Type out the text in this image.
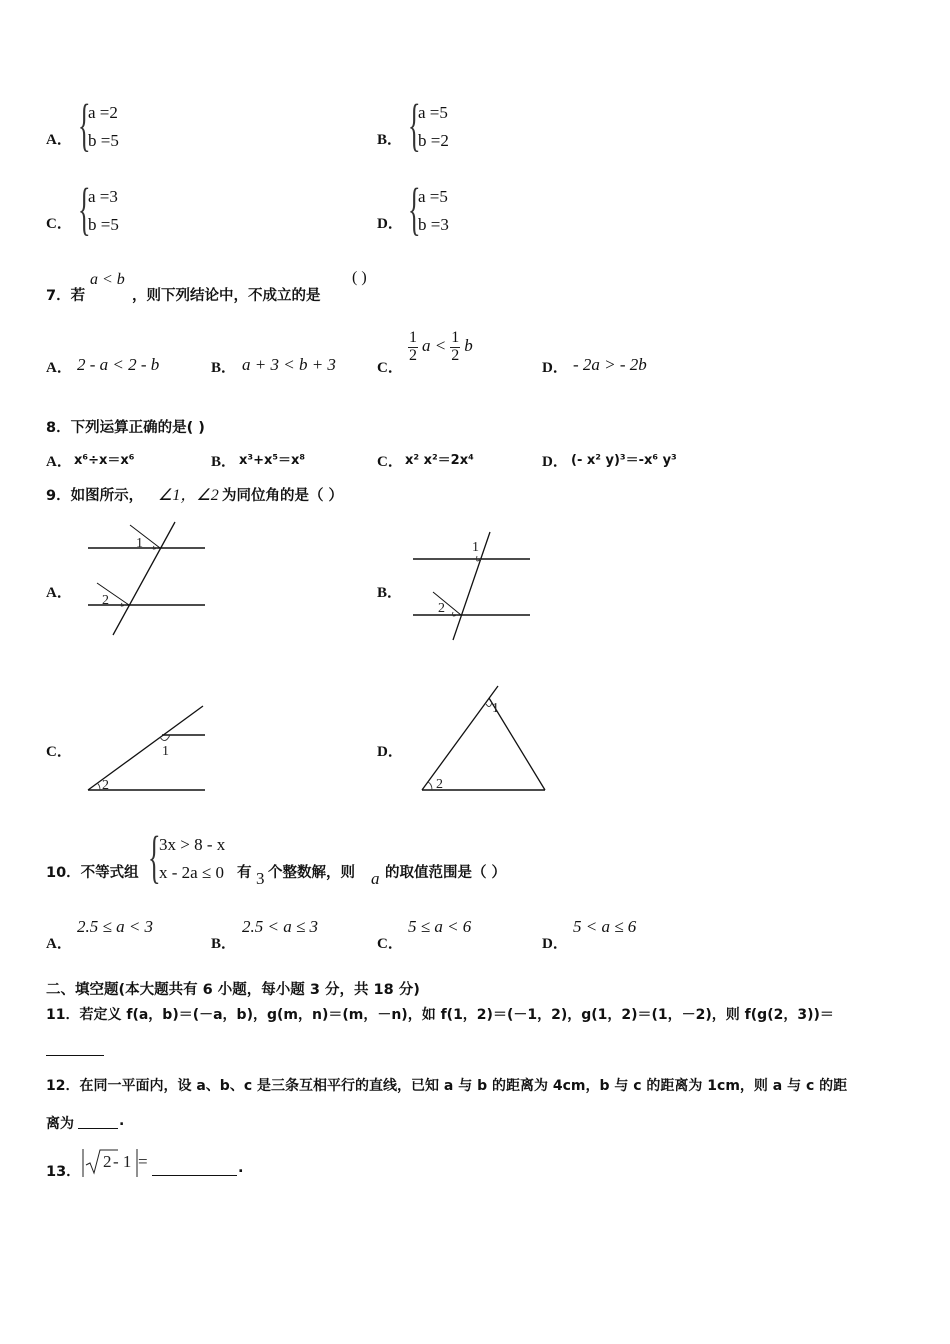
A． {
a =2
b =5	B． {
a =5
b =2
C． {
a =3
b =5	D． {
a =5
b =3
7．若
a < b
，则下列结论中，不成立的是
( )
A． 2 - a < 2 - b	B． a + 3 < b + 3	C．
$\frac{1}{2}$ $a < \frac{1}{2}$ b
D． - 2a > - 2b
8．下列运算正确的是( )
A． x⁶÷x＝x⁶	B． x³+x⁵＝x⁸	C． x² x²＝2x⁴	D． (- x² y)³＝-x⁶ y³
9．如图所示， ∠1，∠2 为同位角的是（ ）
A．
1
2	B．
1
2
C．	1
2
D．
1
2
10．不等式组 {
3x > 8 - x
x - 2a ≤ 0 有 3 个整数解，则 a 的取值范围是（ ）
A．
2.5 ≤ a < 3
B．
2.5 < a ≤ 3
C．
5 ≤ a < 6
D．
5 < a ≤ 6
二、填空题(本大题共有 6 小题，每小题 3 分，共 18 分)
11．若定义 f(a，b)＝(－a，b)，g(m，n)＝(m，－n)，如 f(1，2)＝(－1，2)，g(1，2)＝(1，－2)，则 f(g(2，3))＝
12．在同一平面内，设 a、b、c 是三条互相平行的直线，已知 a 与 b 的距离为 4cm，b 与 c 的距离为 1cm，则 a 与 c 的距
离为	.
13．
2 - 1 =	.
